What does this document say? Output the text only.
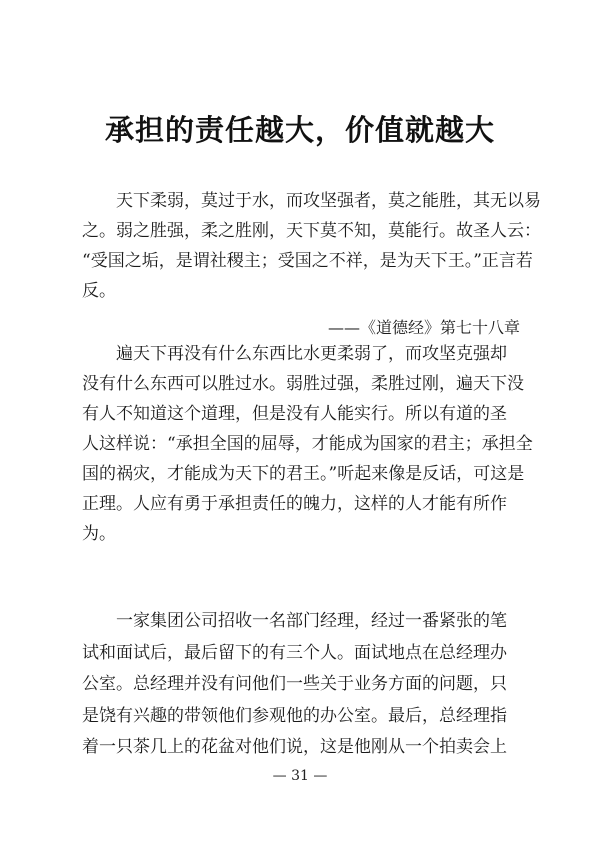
承担的责任越大，价值就越大
　　天下柔弱，莫过于水，而攻坚强者，莫之能胜，其无以易
之。弱之胜强，柔之胜刚，天下莫不知，莫能行。故圣人云：
“受国之垢，是谓社稷主；受国之不祥，是为天下王。”正言若
反。
——《道德经》第七十八章
　　遍天下再没有什么东西比水更柔弱了，而攻坚克强却
没有什么东西可以胜过水。弱胜过强，柔胜过刚，遍天下没
有人不知道这个道理，但是没有人能实行。所以有道的圣
人这样说：“承担全国的屈辱，才能成为国家的君主；承担全
国的祸灾，才能成为天下的君王。”听起来像是反话，可这是
正理。人应有勇于承担责任的魄力，这样的人才能有所作
为。
　　一家集团公司招收一名部门经理，经过一番紧张的笔
试和面试后，最后留下的有三个人。面试地点在总经理办
公室。总经理并没有问他们一些关于业务方面的问题，只
是饶有兴趣的带领他们参观他的办公室。最后，总经理指
着一只茶几上的花盆对他们说，这是他刚从一个拍卖会上
— 31 —
